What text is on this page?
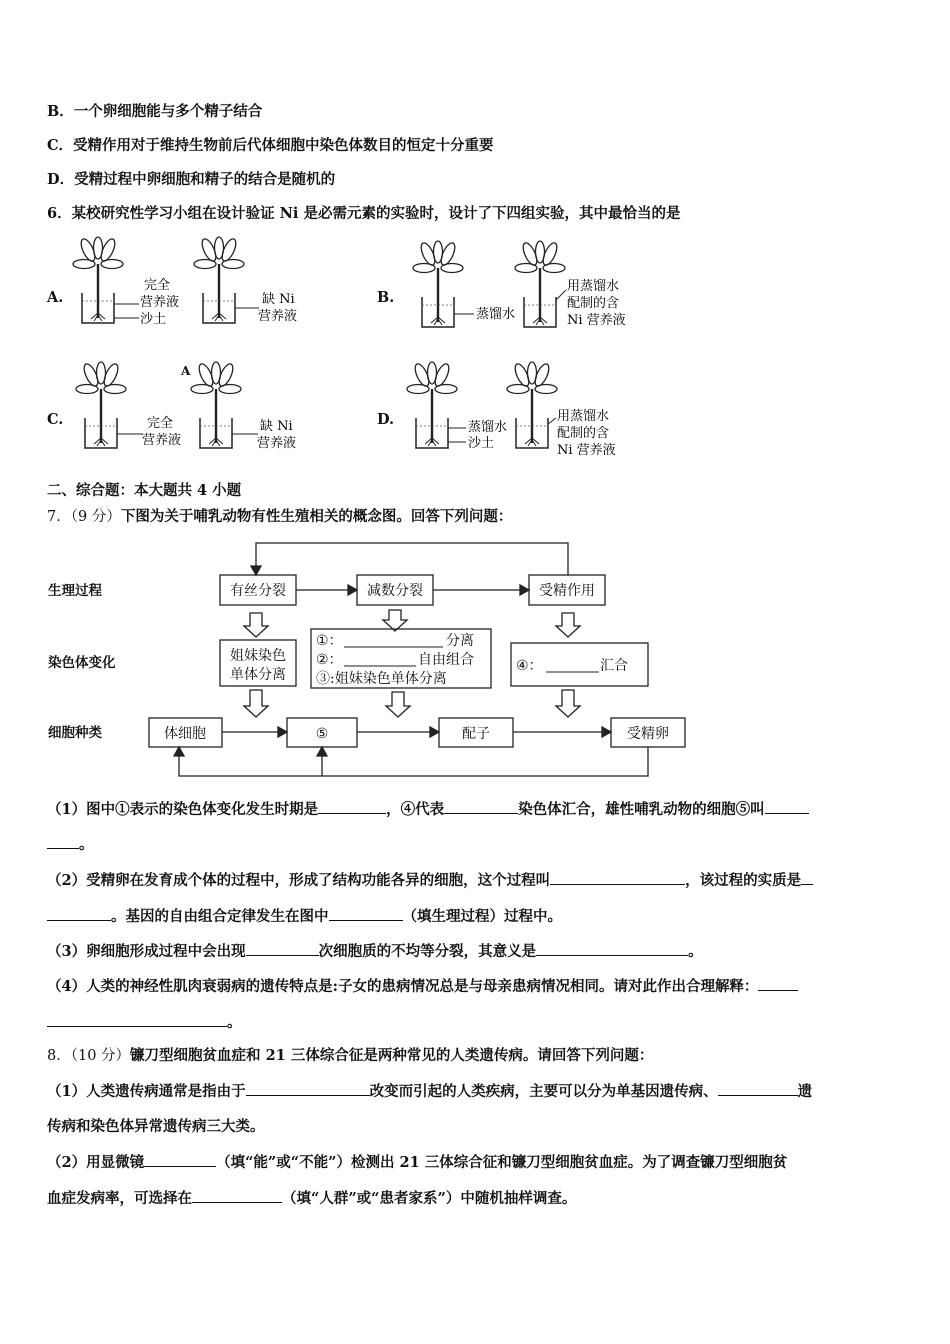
B．一个卵细胞能与多个精子结合
C．受精作用对于维持生物前后代体细胞中染色体数目的恒定十分重要
D．受精过程中卵细胞和精子的结合是随机的
6．某校研究性学习小组在设计验证 Ni 是必需元素的实验时，设计了下四组实验，其中最恰当的是
A.	B.
C.	D.
A
完全
营养液
沙土
缺 Ni
营养液	蒸馏水
用蒸馏水
配制的含
Ni 营养液
完全
营养液
缺 Ni
营养液
蒸馏水
沙土
用蒸馏水
配制的含
Ni 营养液
生理过程
染色体变化
细胞种类
有丝分裂	减数分裂	受精作用
姐妹染色
单体分离
①：	分离
②：	自由组合
③:姐妹染色单体分离
④：	汇合
体细胞	⑤	配子	受精卵
二、综合题：本大题共 4 小题
7．（9 分）下图为关于哺乳动物有性生殖相关的概念图。回答下列问题：
（1）图中①表示的染色体变化发生时期是	，④代表	染色体汇合，雄性哺乳动物的细胞⑤叫
。
（2）受精卵在发育成个体的过程中，形成了结构功能各异的细胞，这个过程叫	，该过程的实质是
。基因的自由组合定律发生在图中	（填生理过程）过程中。
（3）卵细胞形成过程中会出现	次细胞质的不均等分裂，其意义是	。
（4）人类的神经性肌肉衰弱病的遗传特点是:子女的患病情况总是与母亲患病情况相同。请对此作出合理解释：
。
8．（10 分）镰刀型细胞贫血症和 21 三体综合征是两种常见的人类遗传病。请回答下列问题：
（1）人类遗传病通常是指由于	改变而引起的人类疾病，主要可以分为单基因遗传病、	遗
传病和染色体异常遗传病三大类。
（2）用显微镜	（填“能”或“不能”）检测出 21 三体综合征和镰刀型细胞贫血症。为了调查镰刀型细胞贫
血症发病率，可选择在	（填“人群”或“患者家系”）中随机抽样调查。
